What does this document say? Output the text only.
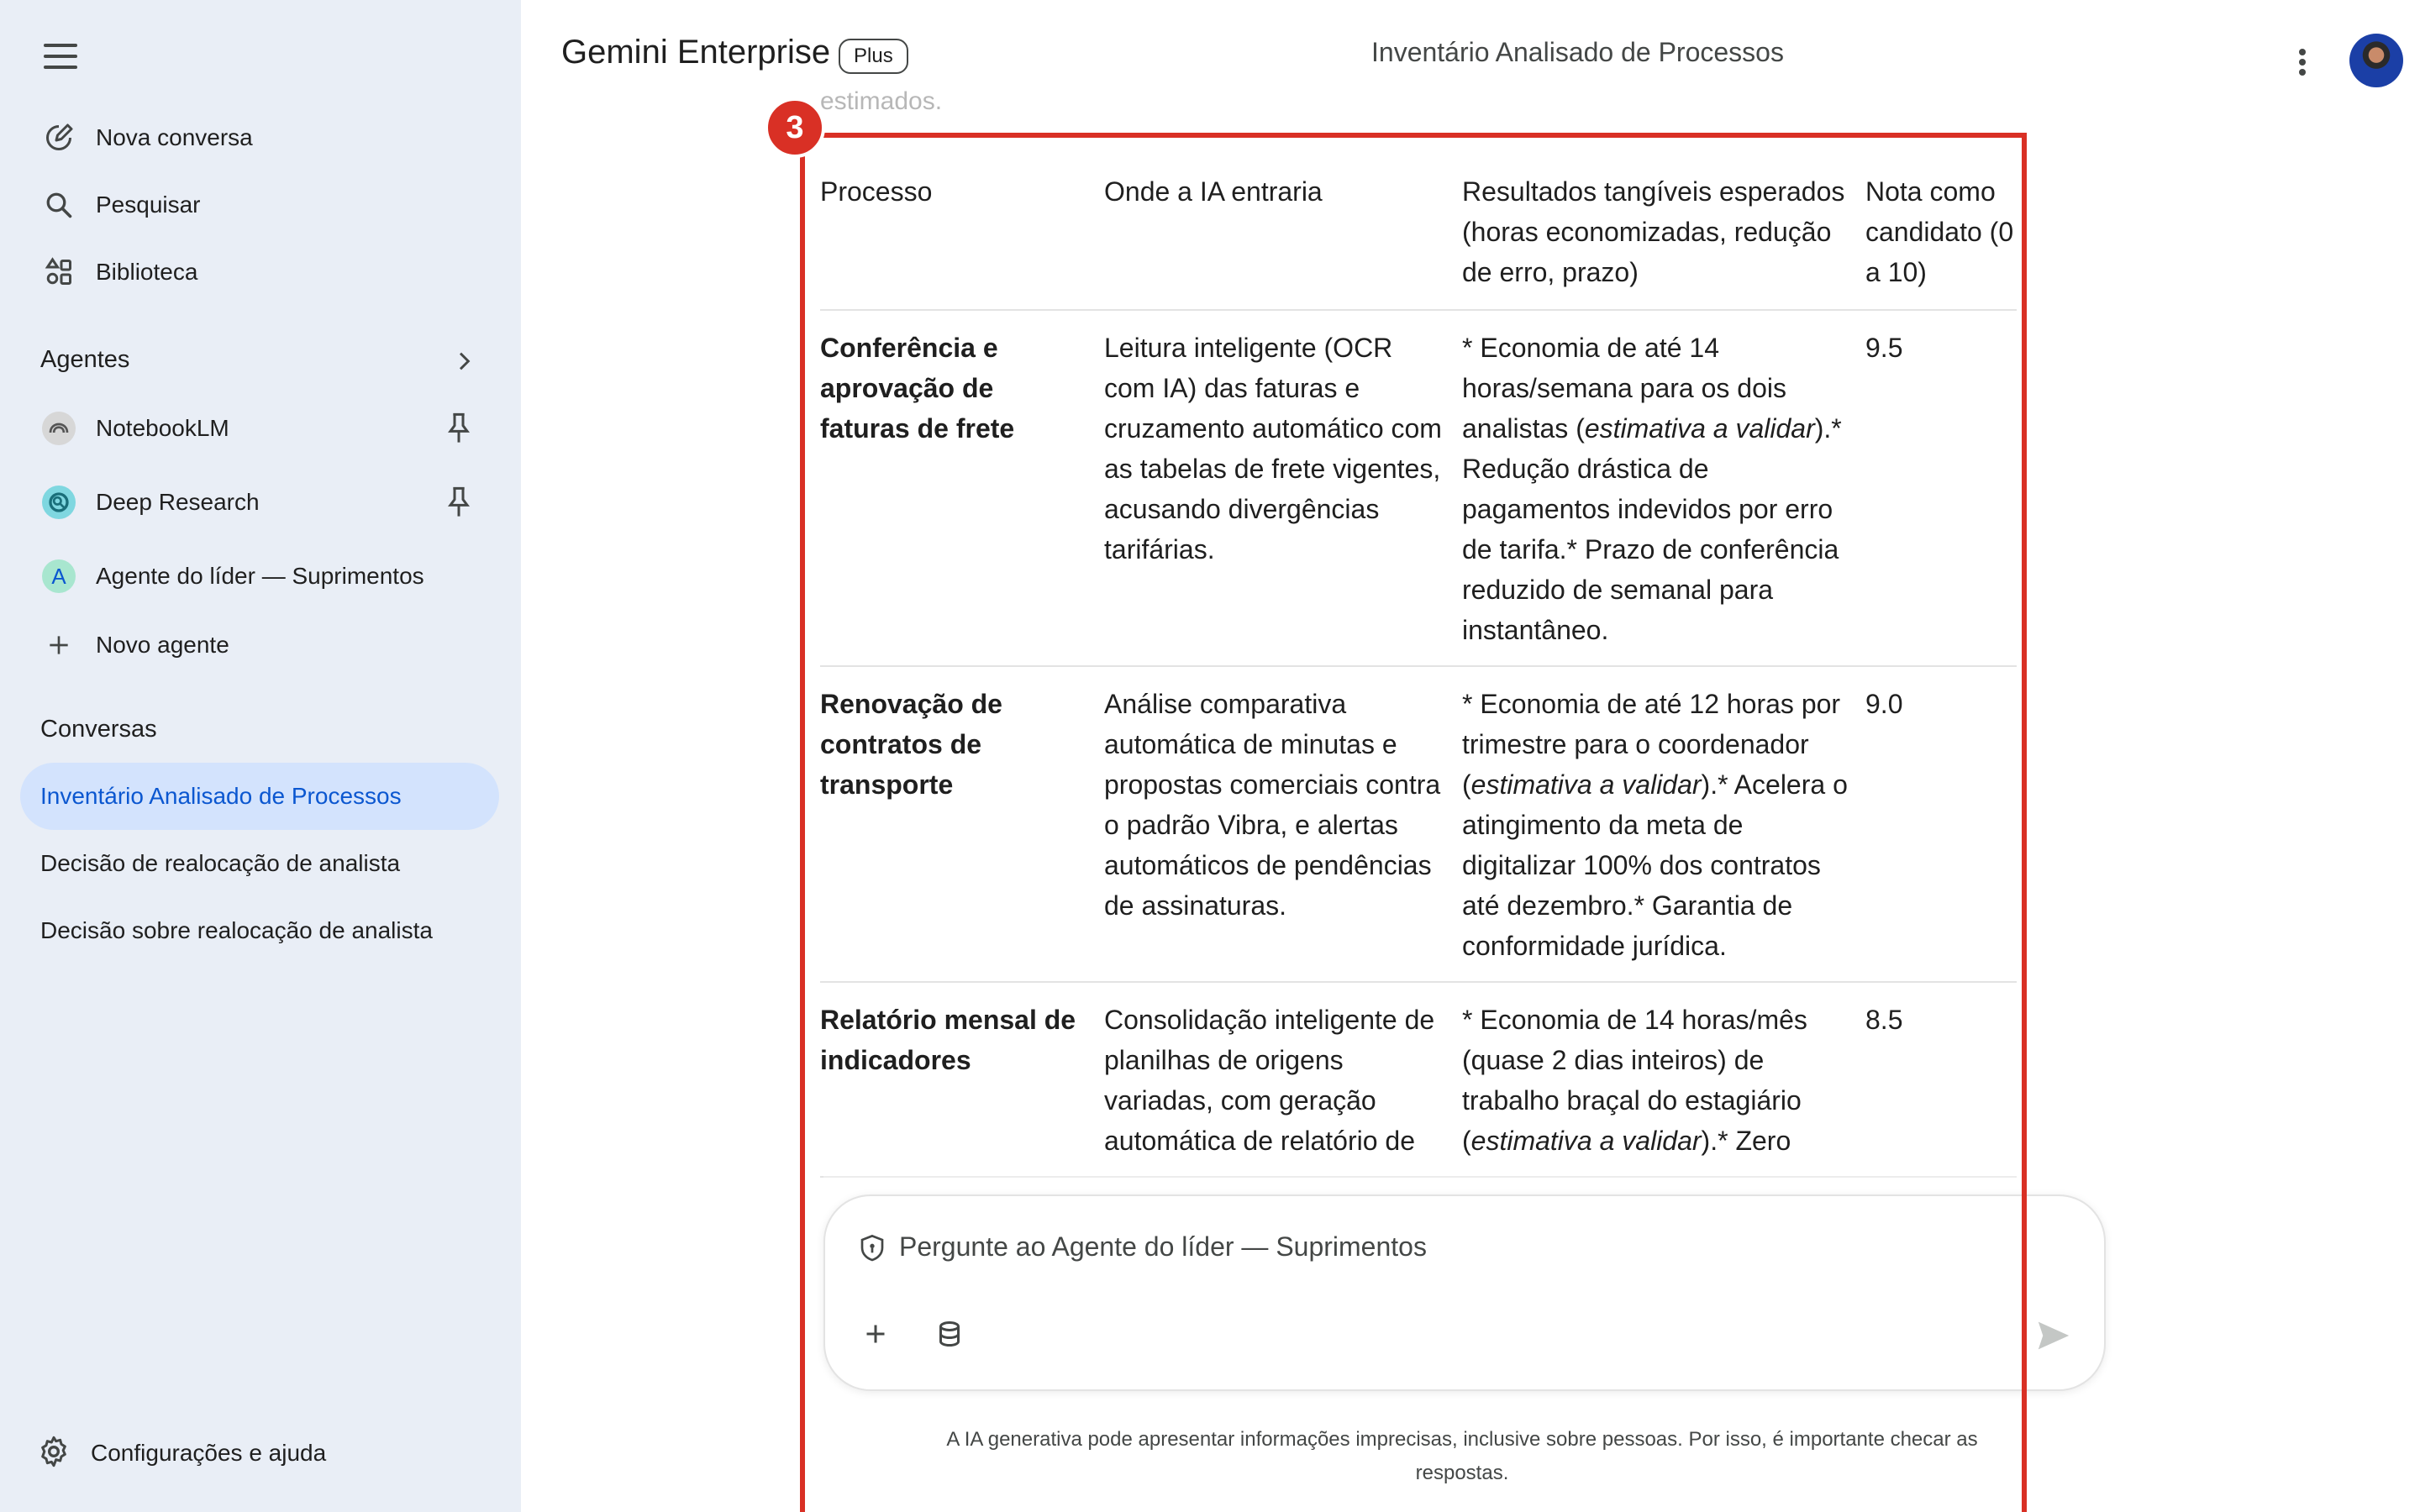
Nova conversa
Pesquisar
Biblioteca
Agentes
NotebookLM
Deep Research
A	Agente do líder — Suprimentos
Novo agente
Conversas
Inventário Analisado de Processos
Decisão de realocação de analista
Decisão sobre realocação de analista
Configurações e ajuda
Gemini Enterprise	Plus	Inventário Analisado de Processos
estimados.
Processo	Onde a IA entraria	Resultados tangíveis esperados (horas economizadas, redução de erro, prazo)	Nota como candidato (0 a 10)
Conferência e aprovação de faturas de frete	Leitura inteligente (OCR com IA) das faturas e cruzamento automático com as tabelas de frete vigentes, acusando divergências tarifárias.	* Economia de até 14 horas/semana para os dois analistas (estimativa a validar).* Redução drástica de pagamentos indevidos por erro de tarifa.* Prazo de conferência reduzido de semanal para instantâneo.	9.5
Renovação de contratos de transporte	Análise comparativa automática de minutas e propostas comerciais contra o padrão Vibra, e alertas automáticos de pendências de assinaturas.	* Economia de até 12 horas por trimestre para o coordenador (estimativa a validar).* Acelera o atingimento da meta de digitalizar 100% dos contratos até dezembro.* Garantia de conformidade jurídica.	9.0
Relatório mensal de indicadores	Consolidação inteligente de planilhas de origens variadas, com geração automática de relatório de	* Economia de 14 horas/mês (quase 2 dias inteiros) de trabalho braçal do estagiário (estimativa a validar).* Zero	8.5
Pergunte ao Agente do líder — Suprimentos
A IA generativa pode apresentar informações imprecisas, inclusive sobre pessoas. Por isso, é importante checar as respostas.
3
